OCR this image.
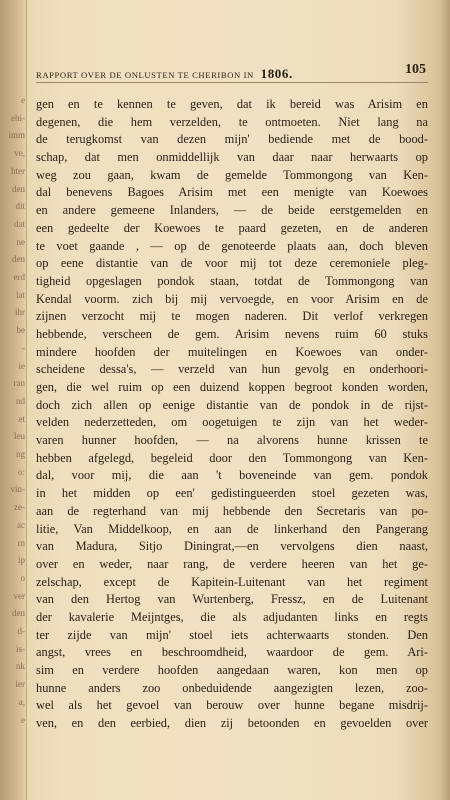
e
ehi-
imm
ve,
hter
den
dit
dat
ne
den
erd
lat
ihr
be
-
ie
ran
nd
et
leu
ng
o:
vin-
ze-
ac
rn
ip
o
ver
den
d-
is-
nk
ier
a,
e
RAPPORT OVER DE ONLUSTEN TE CHERIBON IN 1806.	105
gen en te kennen te geven, dat ik bereid was Arisim en
degenen, die hem verzelden, te ontmoeten. Niet lang na
de terugkomst van dezen mijn' bediende met de bood-
schap, dat men onmiddellijk van daar naar herwaarts op
weg zou gaan, kwam de gemelde Tommongong van Ken-
dal benevens Bagoes Arisim met een menigte van Koewoes
en andere gemeene Inlanders, — de beide eerstgemelden en
een gedeelte der Koewoes te paard gezeten, en de anderen
te voet gaande , — op de genoteerde plaats aan, doch bleven
op eene distantie van de voor mij tot deze ceremoniele pleg-
tigheid opgeslagen pondok staan, totdat de Tommongong van
Kendal voorm. zich bij mij vervoegde, en voor Arisim en de
zijnen verzocht mij te mogen naderen. Dit verlof verkregen
hebbende, verscheen de gem. Arisim nevens ruim 60 stuks
mindere hoofden der muitelingen en Koewoes van onder-
scheidene dessa's, — verzeld van hun gevolg en onderhoori-
gen, die wel ruim op een duizend koppen begroot konden worden,
doch zich allen op eenige distantie van de pondok in de rijst-
velden nederzetteden, om oogetuigen te zijn van het weder-
varen hunner hoofden, — na alvorens hunne krissen te
hebben afgelegd, begeleid door den Tommongong van Ken-
dal, voor mij, die aan 't boveneinde van gem. pondok
in het midden op een' gedistingueerden stoel gezeten was,
aan de regterhand van mij hebbende den Secretaris van po-
litie, Van Middelkoop, en aan de linkerhand den Pangerang
van Madura, Sitjo Diningrat,—en vervolgens dien naast,
over en weder, naar rang, de verdere heeren van het ge-
zelschap, except de Kapitein-Luitenant van het regiment
van den Hertog van Wurtenberg, Fressz, en de Luitenant
der kavalerie Meijntges, die als adjudanten links en regts
ter zijde van mijn' stoel iets achterwaarts stonden. Den
angst, vrees en beschroomdheid, waardoor de gem. Ari-
sim en verdere hoofden aangedaan waren, kon men op
hunne anders zoo onbeduidende aangezigten lezen, zoo-
wel als het gevoel van berouw over hunne begane misdrij-
ven, en den eerbied, dien zij betoonden en gevoelden over
